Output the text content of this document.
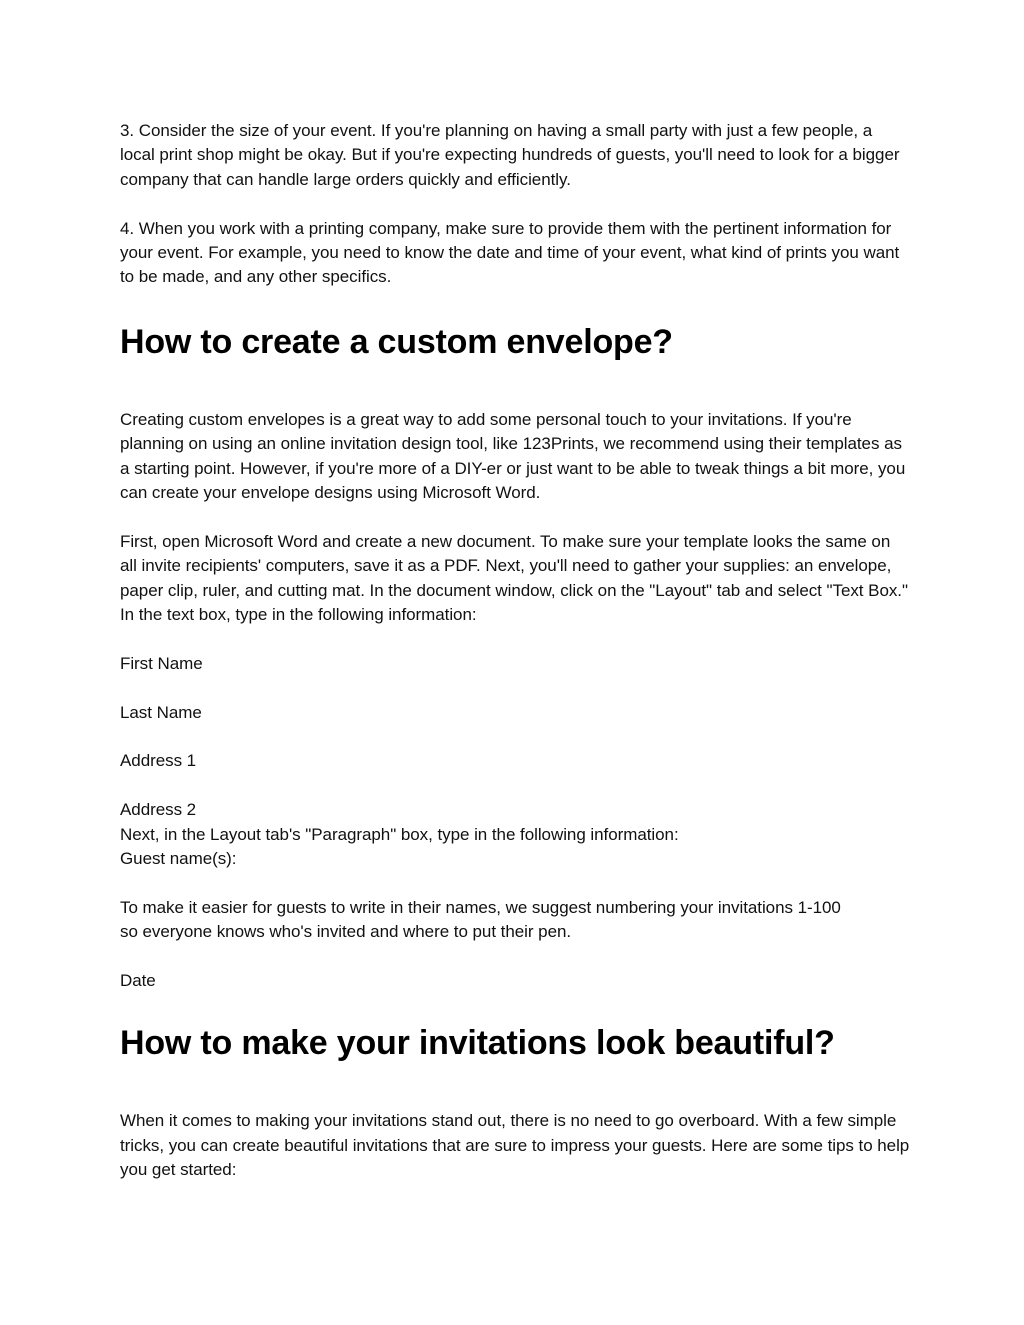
3. Consider the size of your event. If you're planning on having a small party with just a few people, a local print shop might be okay. But if you're expecting hundreds of guests, you'll need to look for a bigger company that can handle large orders quickly and efficiently.

4. When you work with a printing company, make sure to provide them with the pertinent information for your event. For example, you need to know the date and time of your event, what kind of prints you want to be made, and any other specifics.

How to create a custom envelope?

Creating custom envelopes is a great way to add some personal touch to your invitations. If you're planning on using an online invitation design tool, like 123Prints, we recommend using their templates as a starting point. However, if you're more of a DIY-er or just want to be able to tweak things a bit more, you can create your envelope designs using Microsoft Word.

First, open Microsoft Word and create a new document. To make sure your template looks the same on all invite recipients' computers, save it as a PDF. Next, you'll need to gather your supplies: an envelope, paper clip, ruler, and cutting mat. In the document window, click on the "Layout" tab and select "Text Box." In the text box, type in the following information:

First Name

Last Name

Address 1

Address 2

Next, in the Layout tab's "Paragraph" box, type in the following information:

Guest name(s):

To make it easier for guests to write in their names, we suggest numbering your invitations 1-100 so everyone knows who's invited and where to put their pen.

Date

How to make your invitations look beautiful?

When it comes to making your invitations stand out, there is no need to go overboard. With a few simple tricks, you can create beautiful invitations that are sure to impress your guests. Here are some tips to help you get started:
